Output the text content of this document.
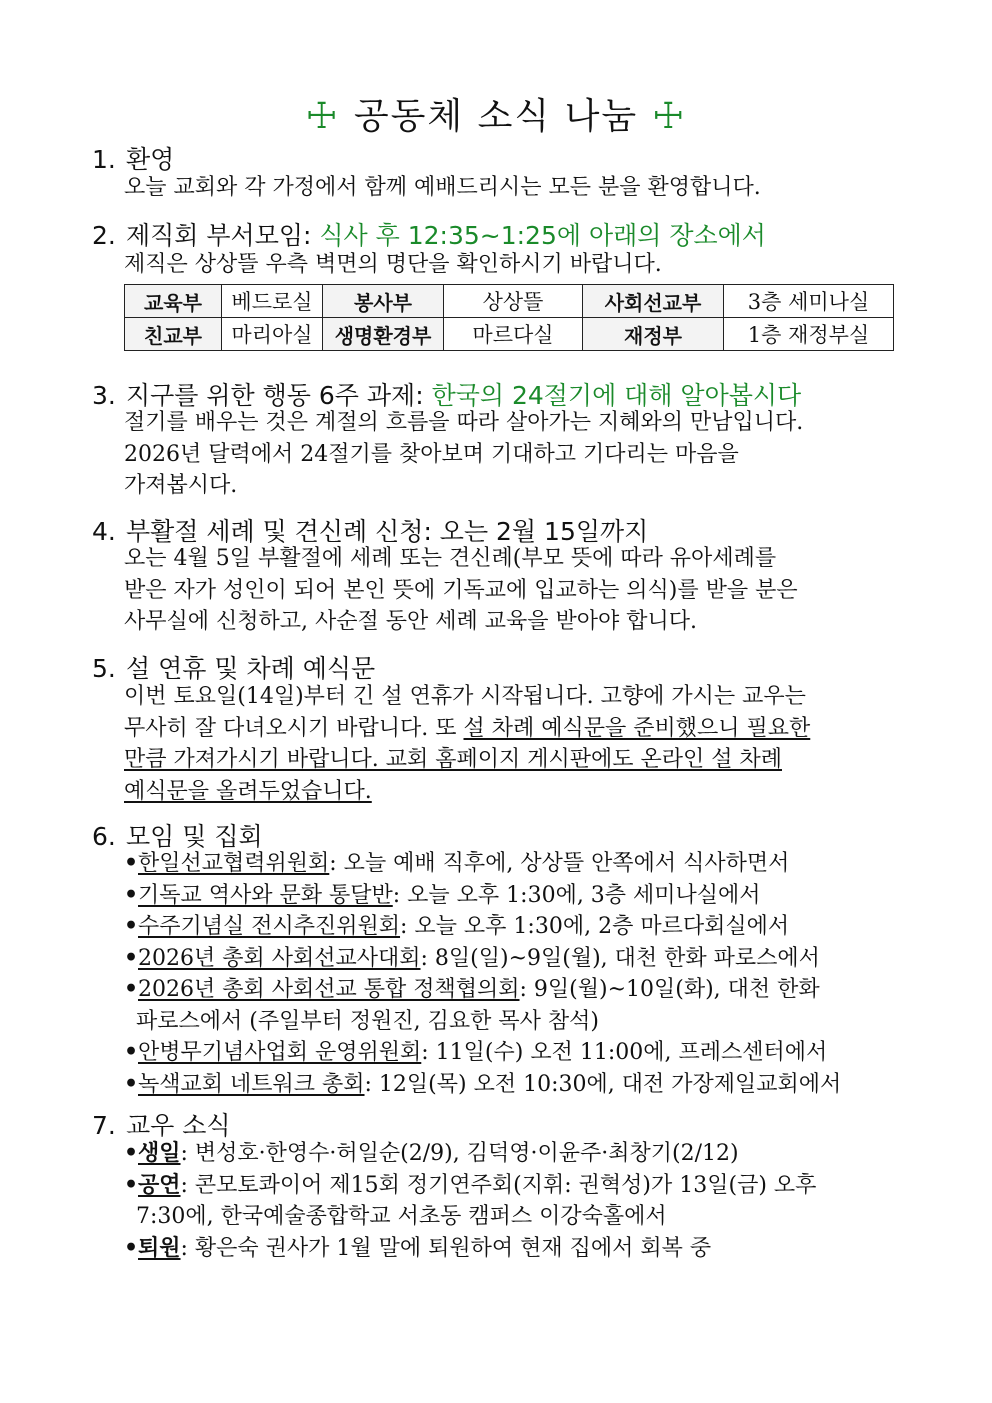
☩ 공동체 소식 나눔 ☩
1. 환영
오늘 교회와 각 가정에서 함께 예배드리시는 모든 분을 환영합니다.
2. 제직회 부서모임: 식사 후 12:35~1:25에 아래의 장소에서
제직은 상상뜰 우측 벽면의 명단을 확인하시기 바랍니다.
교육부	베드로실	봉사부	상상뜰	사회선교부	3층 세미나실
친교부	마리아실	생명환경부	마르다실	재정부	1층 재정부실
3. 지구를 위한 행동 6주 과제: 한국의 24절기에 대해 알아봅시다
절기를 배우는 것은 계절의 흐름을 따라 살아가는 지혜와의 만남입니다.
2026년 달력에서 24절기를 찾아보며 기대하고 기다리는 마음을
가져봅시다.
4. 부활절 세례 및 견신례 신청: 오는 2월 15일까지
오는 4월 5일 부활절에 세례 또는 견신례(부모 뜻에 따라 유아세례를
받은 자가 성인이 되어 본인 뜻에 기독교에 입교하는 의식)를 받을 분은
사무실에 신청하고, 사순절 동안 세례 교육을 받아야 합니다.
5. 설 연휴 및 차례 예식문
이번 토요일(14일)부터 긴 설 연휴가 시작됩니다. 고향에 가시는 교우는
무사히 잘 다녀오시기 바랍니다. 또 설 차례 예식문을 준비했으니 필요한
만큼 가져가시기 바랍니다. 교회 홈페이지 게시판에도 온라인 설 차례
예식문을 올려두었습니다.
6. 모임 및 집회
•한일선교협력위원회: 오늘 예배 직후에, 상상뜰 안쪽에서 식사하면서
•기독교 역사와 문화 통달반: 오늘 오후 1:30에, 3층 세미나실에서
•수주기념실 전시추진위원회: 오늘 오후 1:30에, 2층 마르다회실에서
•2026년 총회 사회선교사대회: 8일(일)~9일(월), 대천 한화 파로스에서
•2026년 총회 사회선교 통합 정책협의회: 9일(월)~10일(화), 대천 한화
파로스에서 (주일부터 정원진, 김요한 목사 참석)
•안병무기념사업회 운영위원회: 11일(수) 오전 11:00에, 프레스센터에서
•녹색교회 네트워크 총회: 12일(목) 오전 10:30에, 대전 가장제일교회에서
7. 교우 소식
•생일: 변성호·한영수·허일순(2/9), 김덕영·이윤주·최창기(2/12)
•공연: 콘모토콰이어 제15회 정기연주회(지휘: 권혁성)가 13일(금) 오후
7:30에, 한국예술종합학교 서초동 캠퍼스 이강숙홀에서
•퇴원: 황은숙 권사가 1월 말에 퇴원하여 현재 집에서 회복 중
